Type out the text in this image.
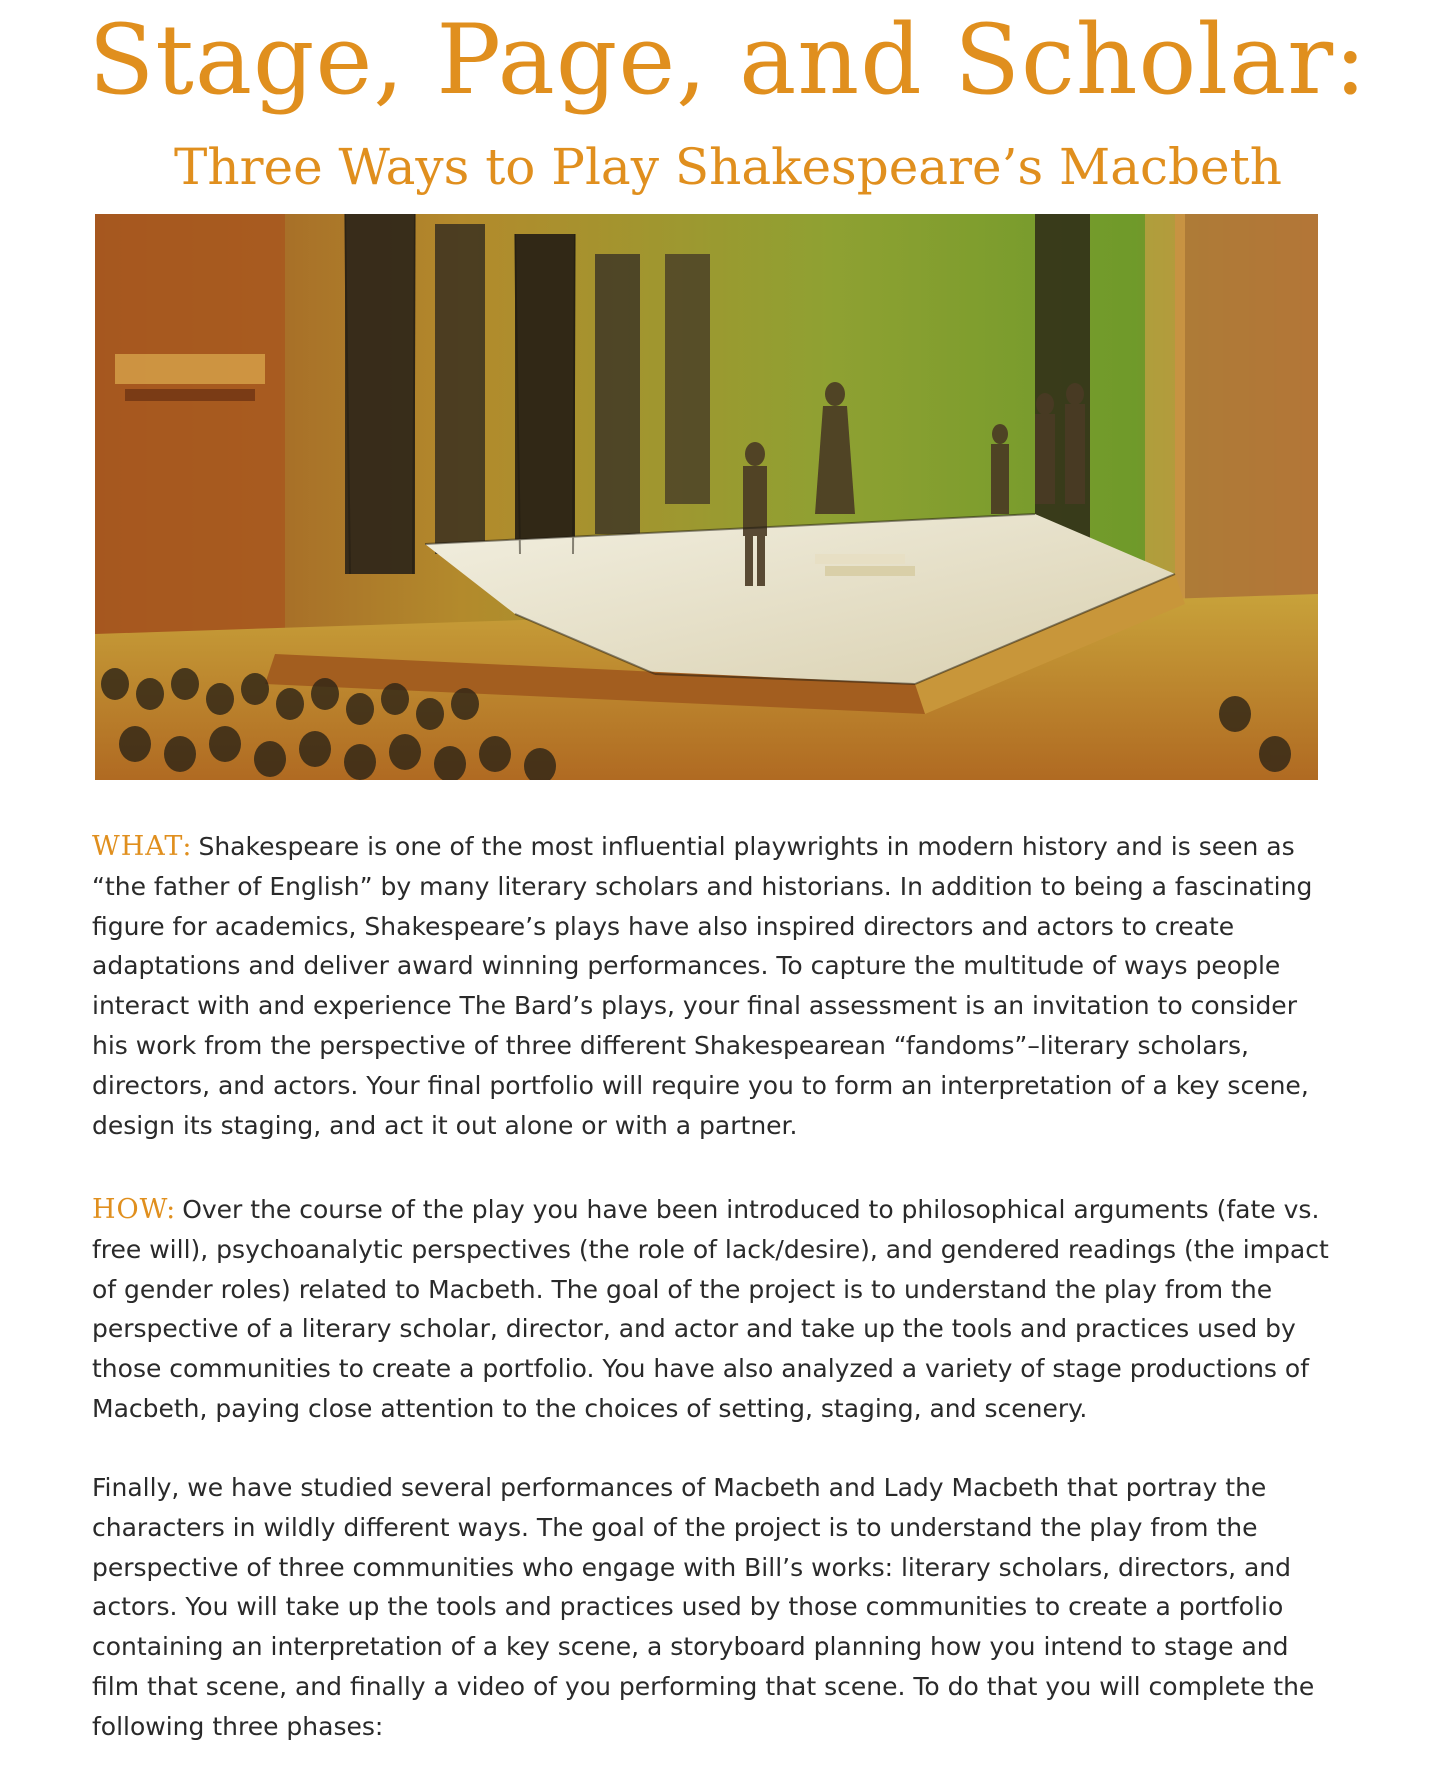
Stage, Page, and Scholar:
Three Ways to Play Shakespeare’s Macbeth

WHAT: Shakespeare is one of the most influential playwrights in modern history and is seen as “the father of English” by many literary scholars and historians. In addition to being a fascinating figure for academics, Shakespeare’s plays have also inspired directors and actors to create adaptations and deliver award winning performances. To capture the multitude of ways people interact with and experience The Bard’s plays, your final assessment is an invitation to consider his work from the perspective of three different Shakespearean “fandoms”–literary scholars, directors, and actors. Your final portfolio will require you to form an interpretation of a key scene, design its staging, and act it out alone or with a partner.

HOW: Over the course of the play you have been introduced to philosophical arguments (fate vs. free will), psychoanalytic perspectives (the role of lack/desire), and gendered readings (the impact of gender roles) related to Macbeth. The goal of the project is to understand the play from the perspective of a literary scholar, director, and actor and take up the tools and practices used by those communities to create a portfolio. You have also analyzed a variety of stage productions of Macbeth, paying close attention to the choices of setting, staging, and scenery.

Finally, we have studied several performances of Macbeth and Lady Macbeth that portray the characters in wildly different ways. The goal of the project is to understand the play from the perspective of three communities who engage with Bill’s works: literary scholars, directors, and actors. You will take up the tools and practices used by those communities to create a portfolio containing an interpretation of a key scene, a storyboard planning how you intend to stage and film that scene, and finally a video of you performing that scene. To do that you will complete the following three phases:
